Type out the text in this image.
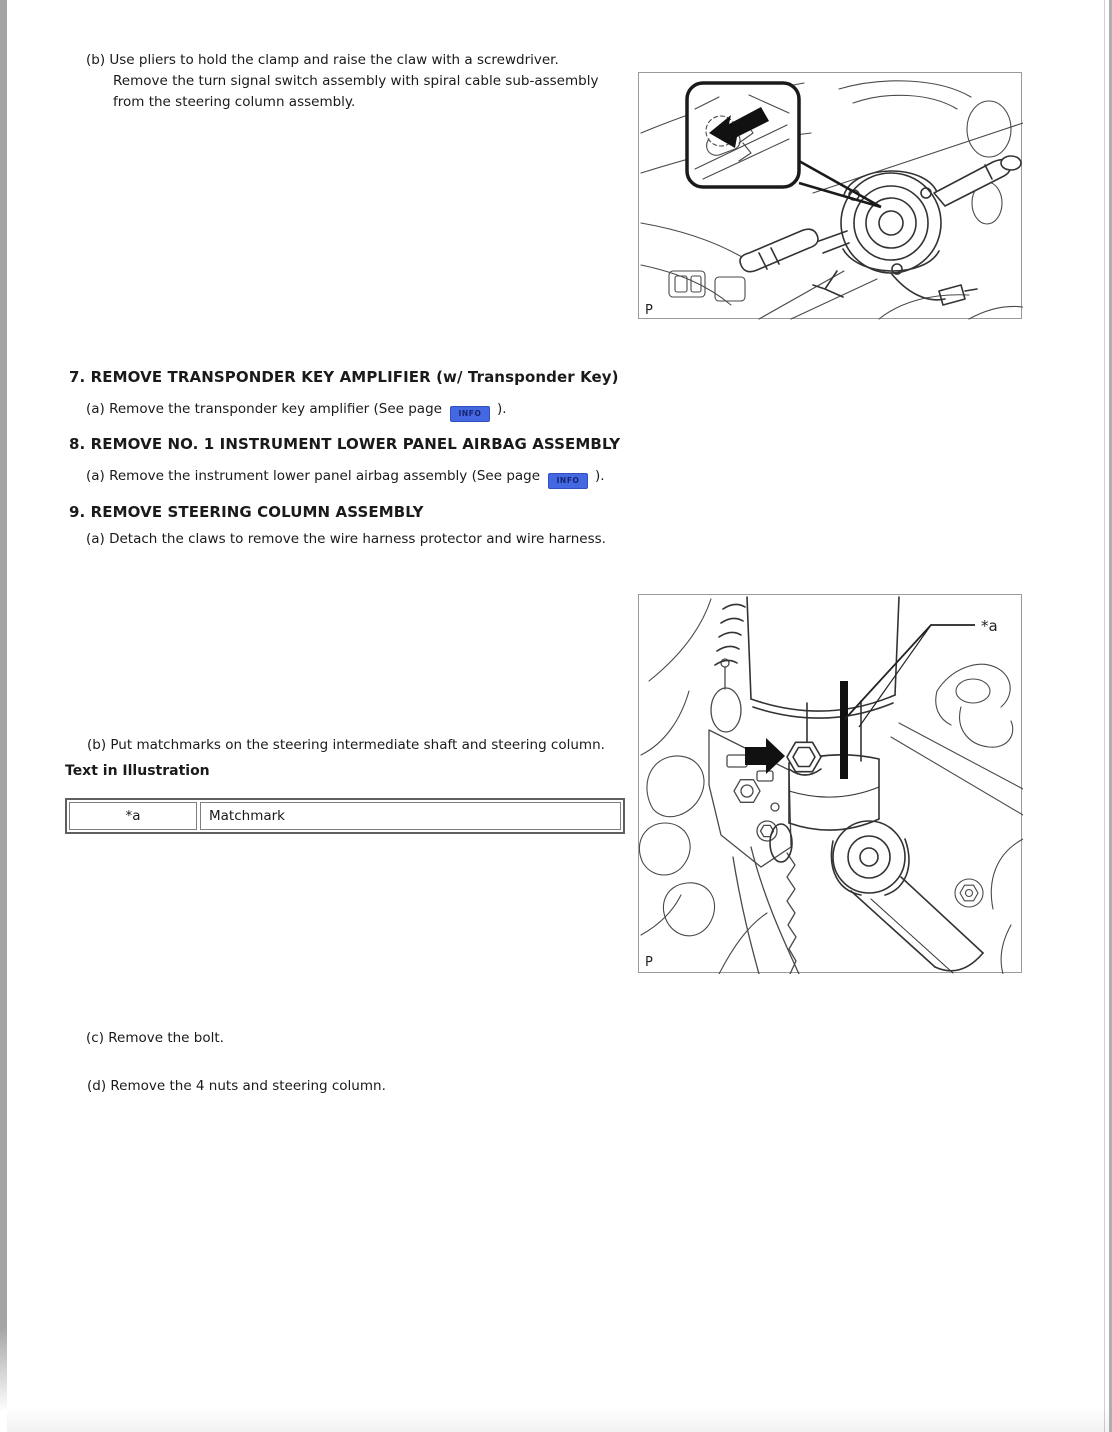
(b) Use pliers to hold the clamp and raise the claw with a screwdriver.
Remove the turn signal switch assembly with spiral cable sub-assembly
from the steering column assembly.
P
7. REMOVE TRANSPONDER KEY AMPLIFIER (w/ Transponder Key)
(a) Remove the transponder key amplifier (See page INFO ).
8. REMOVE NO. 1 INSTRUMENT LOWER PANEL AIRBAG ASSEMBLY
(a) Remove the instrument lower panel airbag assembly (See page INFO ).
9. REMOVE STEERING COLUMN ASSEMBLY
(a) Detach the claws to remove the wire harness protector and wire harness.
*a
P
(b) Put matchmarks on the steering intermediate shaft and steering column.
Text in Illustration
*a	Matchmark
(c) Remove the bolt.
(d) Remove the 4 nuts and steering column.
